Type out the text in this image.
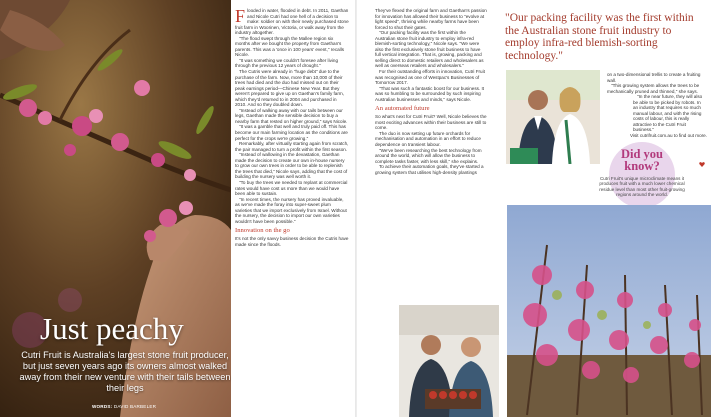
Just peachy
Cutri Fruit is Australia's largest stone fruit producer, but just seven years ago its owners almost walked away from their new venture with their tails between their legs
WORDS: DAVID BARBELER
F looded in water, flooded in debt. In 2011, Gaethan and Nicole Cutri had one hell of a decision to make: soldier on with their newly purchased stone fruit farm in Woorinen, Victoria, or walk away from the industry altogether.

"The flood swept through the Mallee region six months after we bought the property from Gaethan's parents. This was a 'once in 100 years' event," recalls Nicole.

"It was something we couldn't foresee after living through the previous 12 years of drought."

The Cutris were already in "huge debt" due to the purchase of the farm. Now, more than 10,000 of their trees had died and the duo had missed out on their peak earnings period—Chinese New Year. But they weren't prepared to give up on Gaethan's family farm, which they'd returned to in 2004 and purchased in 2010. And so they doubled down.

"Instead of walking away with our tails between our legs, Gaethan made the sensible decision to buy a nearby farm that rested on higher ground," says Nicole.

"It was a gamble that well and truly paid off. This has become our main farming location as the conditions are perfect for the crops we're growing."

Remarkably, after virtually starting again from scratch, the pair managed to turn a profit within the first season.

"Instead of wallowing in the devastation, Gaethan made the decision to create our own in-house nursery to grow our own trees in order to be able to replenish the trees that died," Nicole says, adding that the cost of building the nursery was well worth it.

"To buy the trees we needed to replant at commercial rates would have cost us more than we would have been able to sustain.

"In recent times, the nursery has proved invaluable, as we've made the foray into super-sweet plum varieties that we import exclusively from Israel. Without the nursery, the decision to import our own varieties wouldn't have been possible."

Innovation on the go

It's not the only savvy business decision the Cutris have made since the floods.

They've flexed the original farm and Gaethan's passion for innovation has allowed their business to "evolve at light speed", thriving while nearby farms have been forced to shut their gates.

"Our packing facility was the first within the Australian stone fruit industry to employ infra-red blemish-sorting technology," Nicole says. "We were also the first exclusively stone fruit business to have full vertical integration. That is, growing, packing and selling direct to domestic retailers and wholesalers as well as overseas retailers and wholesalers."

For their outstanding efforts in innovation, Cutri Fruit was recognised as one of Westpac's Businesses of Tomorrow 2017.

"That was such a fantastic boost for our business. It was so humbling to be surrounded by such inspiring Australian businesses and minds," says Nicole.

An automated future

So what's next for Cutri Fruit? Well, Nicole believes the most exciting advances within their business are still to come.

The duo is now setting up future orchards for mechanisation and automation in an effort to reduce dependence on transient labour.

"We've been researching the best technology from around the world, which will allow the business to complete tasks faster, with less skill," she explains.

To achieve their automation goals, they've started a growing system that utilises high-density plantings

"Our packing facility was the first within the Australian stone fruit industry to employ infra-red blemish-sorting technology."

on a two-dimensional trellis to create a fruiting wall.

"This growing system allows the trees to be mechanically pruned and thinned," she says.

"In the near future, they will also be able to be picked by robots. In an industry that requires so much manual labour, and with the rising costs of labour, this is really attractive to the Cutri Fruit business."

Visit cutrifruit.com.au to find out more.

Did you know?
Cutri Fruit's unique microclimate means it produces fruit with a much lower chemical residue level than most other fruit-growing regions around the world.
